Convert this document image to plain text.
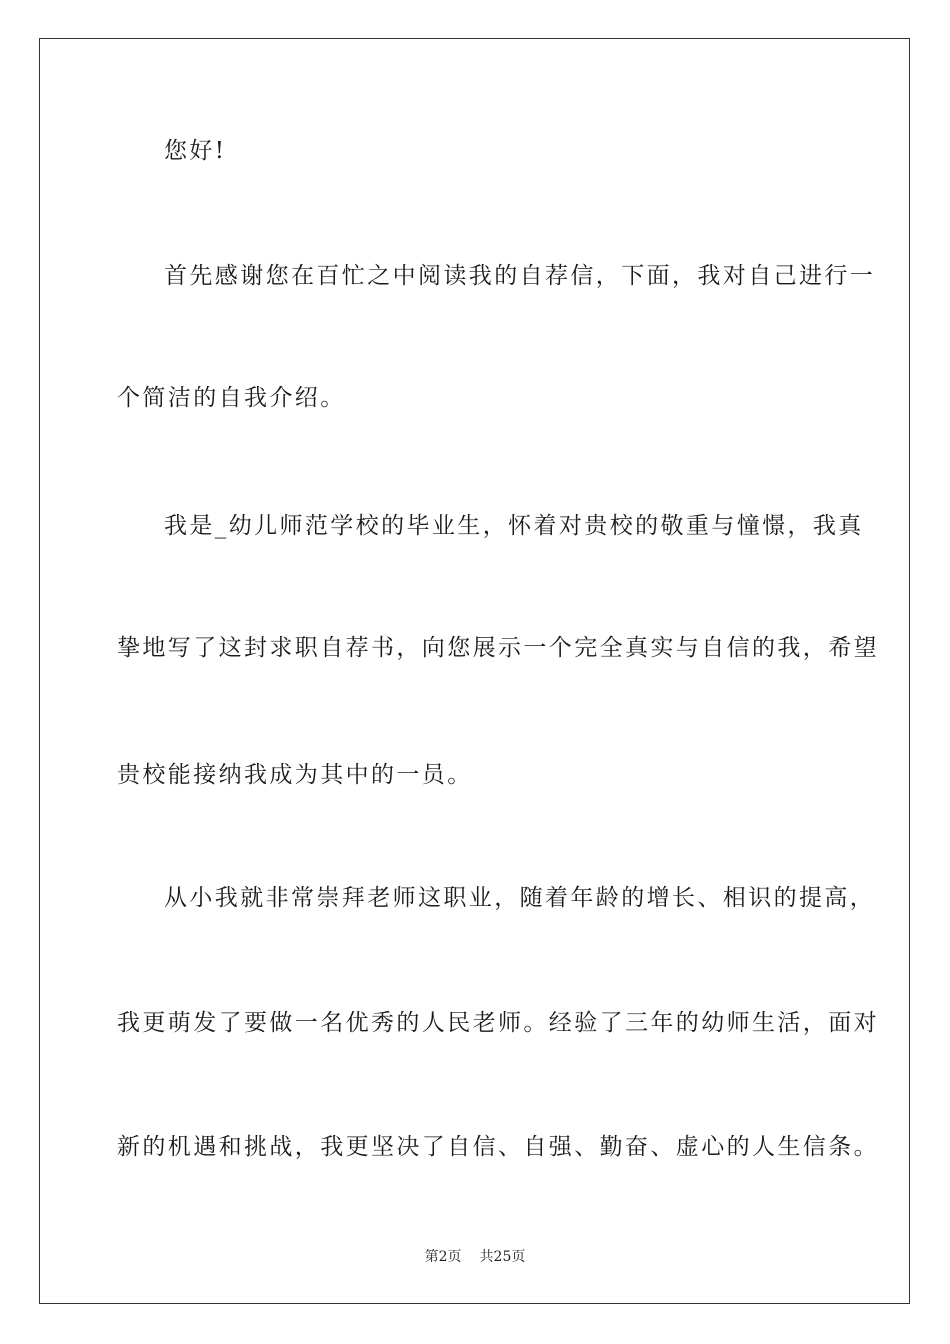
您好!
首先感谢您在百忙之中阅读我的自荐信，下面，我对自己进行一
个简洁的自我介绍。
我是_幼儿师范学校的毕业生，怀着对贵校的敬重与憧憬，我真
挚地写了这封求职自荐书，向您展示一个完全真实与自信的我，希望
贵校能接纳我成为其中的一员。
从小我就非常崇拜老师这职业，随着年龄的增长、相识的提高，
我更萌发了要做一名优秀的人民老师。经验了三年的幼师生活，面对
新的机遇和挑战，我更坚决了自信、自强、勤奋、虚心的人生信条。
第2页 共25页
